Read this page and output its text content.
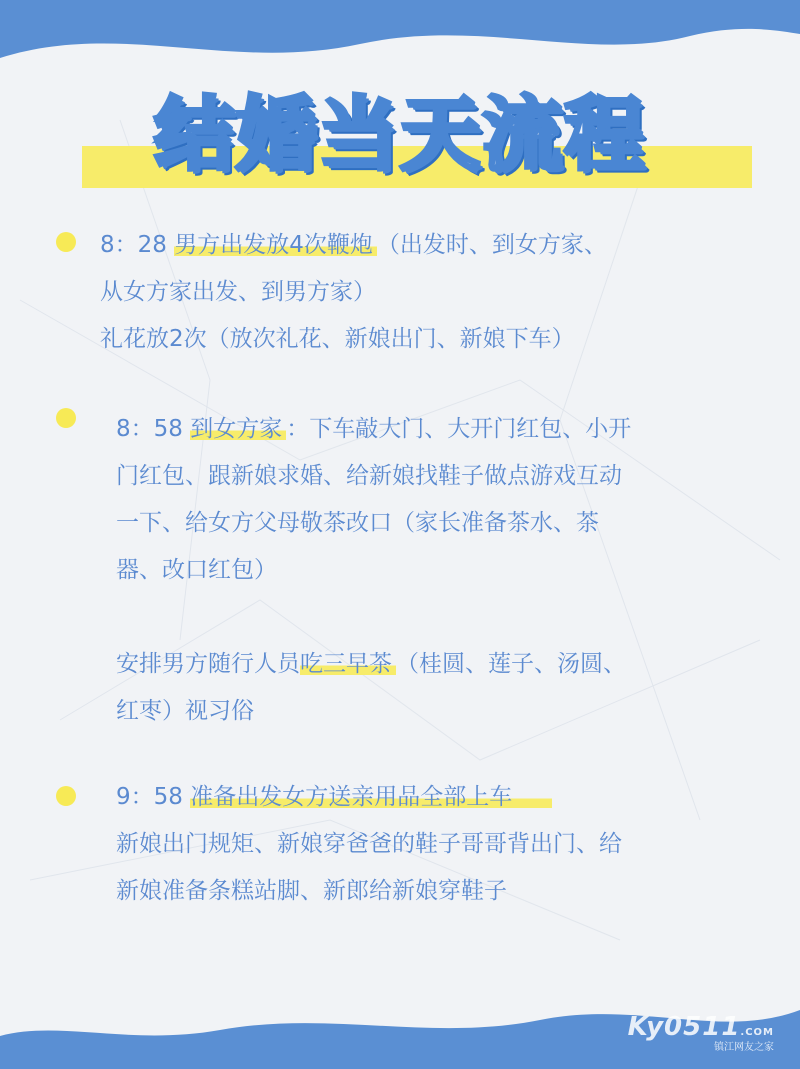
结婚当天流程

8：28 男方出发放4次鞭炮 （出发时、到女方家、

从女方家出发、到男方家）

礼花放2次（放次礼花、新娘出门、新娘下车）

8：58 到女方家 ：下车敲大门、大开门红包、小开

门红包、跟新娘求婚、给新娘找鞋子做点游戏互动

一下、给女方父母敬茶改口（家长准备茶水、茶

器、改口红包）

安排男方随行人员吃三早茶 （桂圆、莲子、汤圆、

红枣）视习俗

9：58 准备出发女方送亲用品全部上车

新娘出门规矩、新娘穿爸爸的鞋子哥哥背出门、给

新娘准备条糕站脚、新郎给新娘穿鞋子

Ky0511.COM
镇江网友之家
